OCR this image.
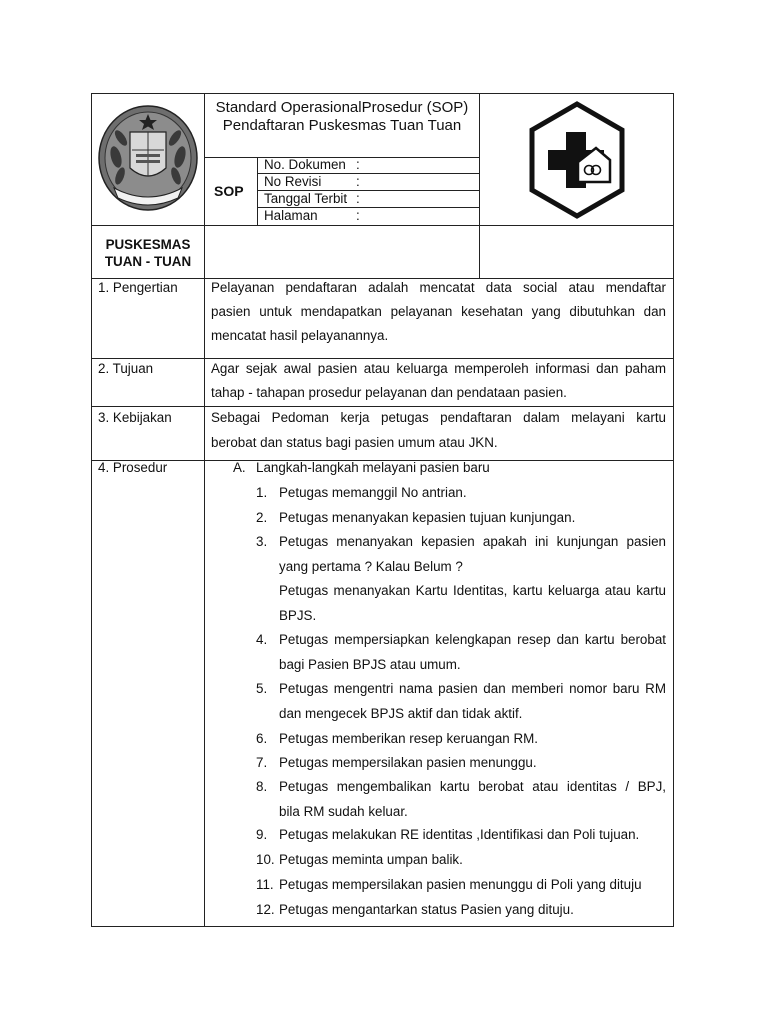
Standard OperasionalProsedur (SOP)
Pendaftaran Puskesmas Tuan Tuan
SOP
No. Dokumen :
No Revisi	:
Tanggal Terbit :
Halaman	:
PUSKESMAS
TUAN - TUAN
1. Pengertian Pelayanan pendaftaran adalah mencatat data social atau mendaftar
pasien untuk mendapatkan pelayanan kesehatan yang dibutuhkan dan
mencatat hasil pelayanannya.
2. Tujuan	Agar sejak awal pasien atau keluarga memperoleh informasi dan paham
tahap - tahapan prosedur pelayanan dan pendataan pasien.
3. Kebijakan	Sebagai Pedoman kerja petugas pendaftaran dalam melayani kartu
berobat dan status bagi pasien umum atau JKN.
4. Prosedur	A. Langkah-langkah melayani pasien baru
1. Petugas memanggil No antrian.
2. Petugas menanyakan kepasien tujuan kunjungan.
3. Petugas menanyakan kepasien apakah ini kunjungan pasien
yang pertama ? Kalau Belum ?
Petugas menanyakan Kartu Identitas, kartu keluarga atau kartu
BPJS.
4. Petugas mempersiapkan kelengkapan resep dan kartu berobat
bagi Pasien BPJS atau umum.
5. Petugas mengentri nama pasien dan memberi nomor baru RM
dan mengecek BPJS aktif dan tidak aktif.
6. Petugas memberikan resep keruangan RM.
7. Petugas mempersilakan pasien menunggu.
8. Petugas mengembalikan kartu berobat atau identitas / BPJ,
bila RM sudah keluar.
9. Petugas melakukan RE identitas ,Identifikasi dan Poli tujuan.
10. Petugas meminta umpan balik.
11. Petugas mempersilakan pasien menunggu di Poli yang dituju
12. Petugas mengantarkan status Pasien yang dituju.
